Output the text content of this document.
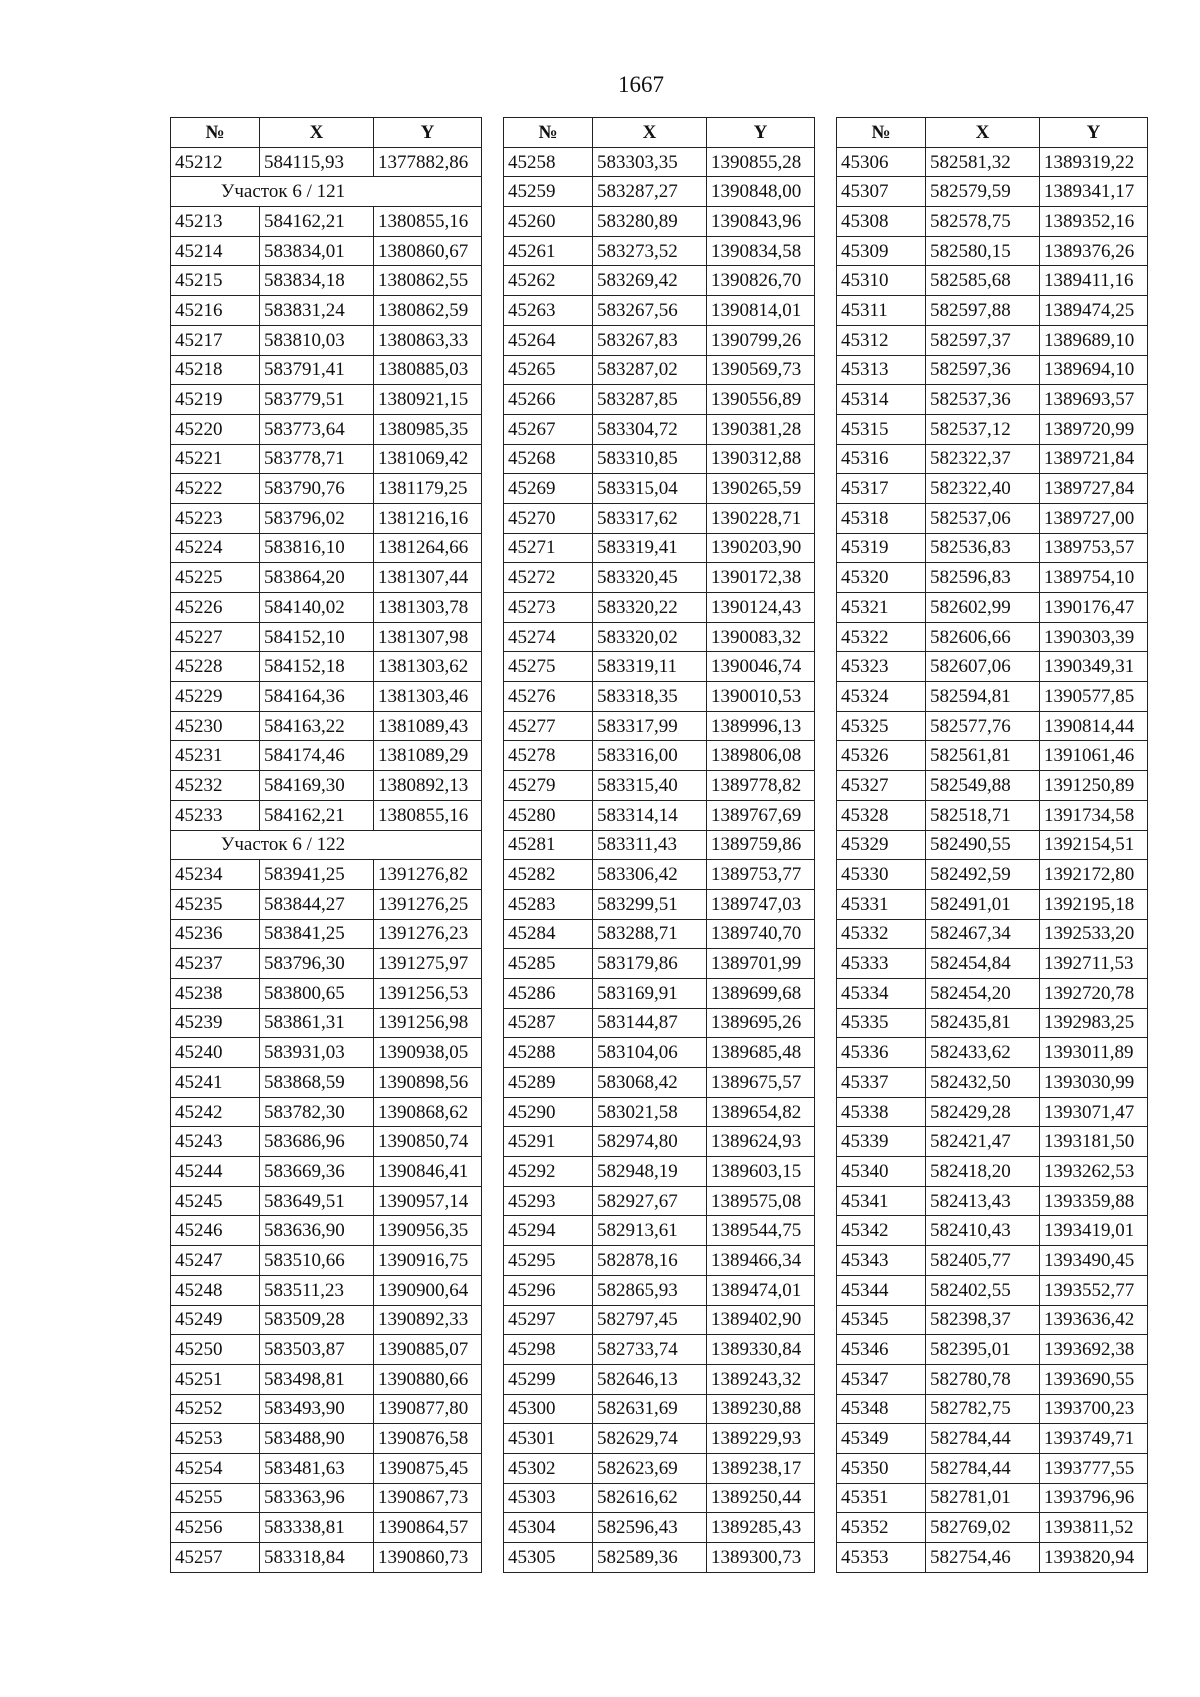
1667
№	X	Y
45212	584115,93	1377882,86
Участок 6 / 121		
45213	584162,21	1380855,16
45214	583834,01	1380860,67
45215	583834,18	1380862,55
45216	583831,24	1380862,59
45217	583810,03	1380863,33
45218	583791,41	1380885,03
45219	583779,51	1380921,15
45220	583773,64	1380985,35
45221	583778,71	1381069,42
45222	583790,76	1381179,25
45223	583796,02	1381216,16
45224	583816,10	1381264,66
45225	583864,20	1381307,44
45226	584140,02	1381303,78
45227	584152,10	1381307,98
45228	584152,18	1381303,62
45229	584164,36	1381303,46
45230	584163,22	1381089,43
45231	584174,46	1381089,29
45232	584169,30	1380892,13
45233	584162,21	1380855,16
Участок 6 / 122		
45234	583941,25	1391276,82
45235	583844,27	1391276,25
45236	583841,25	1391276,23
45237	583796,30	1391275,97
45238	583800,65	1391256,53
45239	583861,31	1391256,98
45240	583931,03	1390938,05
45241	583868,59	1390898,56
45242	583782,30	1390868,62
45243	583686,96	1390850,74
45244	583669,36	1390846,41
45245	583649,51	1390957,14
45246	583636,90	1390956,35
45247	583510,66	1390916,75
45248	583511,23	1390900,64
45249	583509,28	1390892,33
45250	583503,87	1390885,07
45251	583498,81	1390880,66
45252	583493,90	1390877,80
45253	583488,90	1390876,58
45254	583481,63	1390875,45
45255	583363,96	1390867,73
45256	583338,81	1390864,57
45257	583318,84	1390860,73
№	X	Y
45258	583303,35	1390855,28
45259	583287,27	1390848,00
45260	583280,89	1390843,96
45261	583273,52	1390834,58
45262	583269,42	1390826,70
45263	583267,56	1390814,01
45264	583267,83	1390799,26
45265	583287,02	1390569,73
45266	583287,85	1390556,89
45267	583304,72	1390381,28
45268	583310,85	1390312,88
45269	583315,04	1390265,59
45270	583317,62	1390228,71
45271	583319,41	1390203,90
45272	583320,45	1390172,38
45273	583320,22	1390124,43
45274	583320,02	1390083,32
45275	583319,11	1390046,74
45276	583318,35	1390010,53
45277	583317,99	1389996,13
45278	583316,00	1389806,08
45279	583315,40	1389778,82
45280	583314,14	1389767,69
45281	583311,43	1389759,86
45282	583306,42	1389753,77
45283	583299,51	1389747,03
45284	583288,71	1389740,70
45285	583179,86	1389701,99
45286	583169,91	1389699,68
45287	583144,87	1389695,26
45288	583104,06	1389685,48
45289	583068,42	1389675,57
45290	583021,58	1389654,82
45291	582974,80	1389624,93
45292	582948,19	1389603,15
45293	582927,67	1389575,08
45294	582913,61	1389544,75
45295	582878,16	1389466,34
45296	582865,93	1389474,01
45297	582797,45	1389402,90
45298	582733,74	1389330,84
45299	582646,13	1389243,32
45300	582631,69	1389230,88
45301	582629,74	1389229,93
45302	582623,69	1389238,17
45303	582616,62	1389250,44
45304	582596,43	1389285,43
45305	582589,36	1389300,73
№	X	Y
45306	582581,32	1389319,22
45307	582579,59	1389341,17
45308	582578,75	1389352,16
45309	582580,15	1389376,26
45310	582585,68	1389411,16
45311	582597,88	1389474,25
45312	582597,37	1389689,10
45313	582597,36	1389694,10
45314	582537,36	1389693,57
45315	582537,12	1389720,99
45316	582322,37	1389721,84
45317	582322,40	1389727,84
45318	582537,06	1389727,00
45319	582536,83	1389753,57
45320	582596,83	1389754,10
45321	582602,99	1390176,47
45322	582606,66	1390303,39
45323	582607,06	1390349,31
45324	582594,81	1390577,85
45325	582577,76	1390814,44
45326	582561,81	1391061,46
45327	582549,88	1391250,89
45328	582518,71	1391734,58
45329	582490,55	1392154,51
45330	582492,59	1392172,80
45331	582491,01	1392195,18
45332	582467,34	1392533,20
45333	582454,84	1392711,53
45334	582454,20	1392720,78
45335	582435,81	1392983,25
45336	582433,62	1393011,89
45337	582432,50	1393030,99
45338	582429,28	1393071,47
45339	582421,47	1393181,50
45340	582418,20	1393262,53
45341	582413,43	1393359,88
45342	582410,43	1393419,01
45343	582405,77	1393490,45
45344	582402,55	1393552,77
45345	582398,37	1393636,42
45346	582395,01	1393692,38
45347	582780,78	1393690,55
45348	582782,75	1393700,23
45349	582784,44	1393749,71
45350	582784,44	1393777,55
45351	582781,01	1393796,96
45352	582769,02	1393811,52
45353	582754,46	1393820,94
